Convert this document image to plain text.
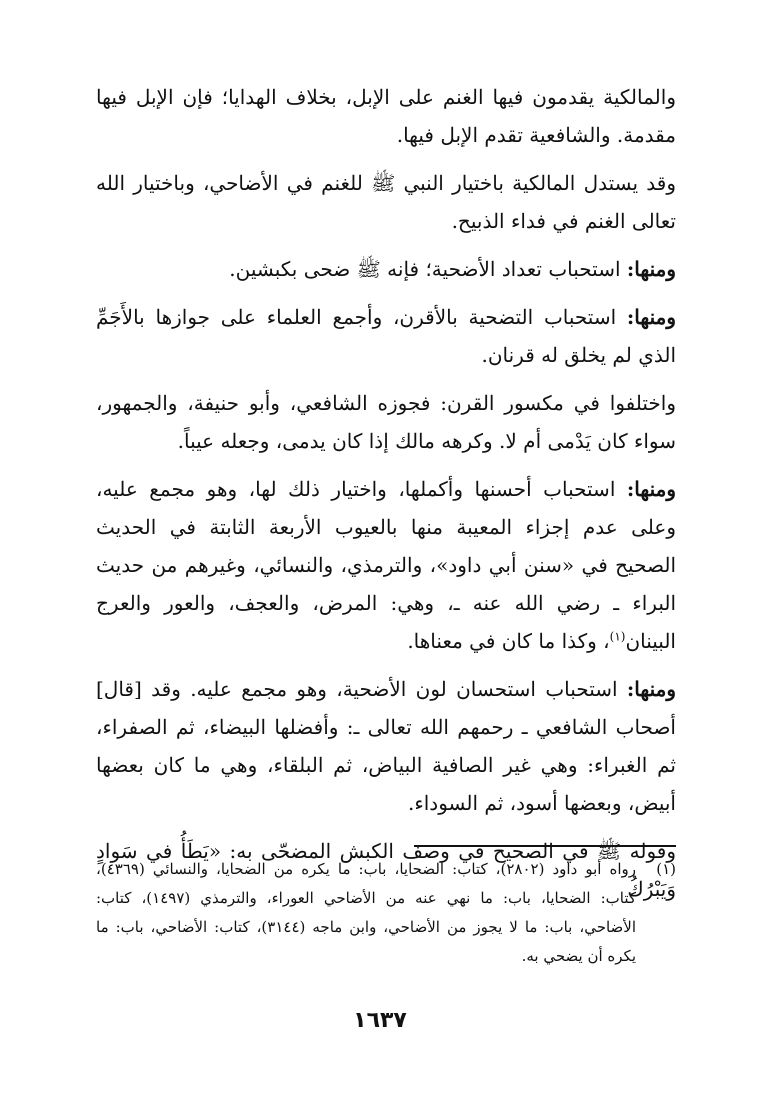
والمالكية يقدمون فيها الغنم على الإبل، بخلاف الهدايا؛ فإن الإبل فيها مقدمة. والشافعية تقدم الإبل فيها.

وقد يستدل المالكية باختيار النبي ﷺ للغنم في الأضاحي، وباختيار الله تعالى الغنم في فداء الذبيح.

ومنها: استحباب تعداد الأضحية؛ فإنه ﷺ ضحى بكبشين.

ومنها: استحباب التضحية بالأقرن، وأجمع العلماء على جوازها بالأَجَمِّ الذي لم يخلق له قرنان.

واختلفوا في مكسور القرن: فجوزه الشافعي، وأبو حنيفة، والجمهور، سواء كان يَدْمى أم لا. وكرهه مالك إذا كان يدمى، وجعله عيباً.

ومنها: استحباب أحسنها وأكملها، واختيار ذلك لها، وهو مجمع عليه، وعلى عدم إجزاء المعيبة منها بالعيوب الأربعة الثابتة في الحديث الصحيح في «سنن أبي داود»، والترمذي، والنسائي، وغيرهم من حديث البراء ـ رضي الله عنه ـ، وهي: المرض، والعجف، والعور والعرج البينان$^{(١)}$، وكذا ما كان في معناها.

ومنها: استحباب استحسان لون الأضحية، وهو مجمع عليه. وقد [قال] أصحاب الشافعي ـ رحمهم الله تعالى ـ: وأفضلها البيضاء، ثم الصفراء، ثم الغبراء: وهي غير الصافية البياض، ثم البلقاء، وهي ما كان بعضها أبيض، وبعضها أسود، ثم السوداء.

وقوله ﷺ في الصحيح في وصف الكبش المضحّى به: «يَطَأُ في سَوادٍ وَيَبْرُكُ

(١)
رواه أبو داود (٢٨٠٢)، كتاب: الضحايا، باب: ما يكره من الضحايا، والنسائي (٤٣٦٩)، كتاب: الضحايا، باب: ما نهي عنه من الأضاحي العوراء، والترمذي (١٤٩٧)، كتاب: الأضاحي، باب: ما لا يجوز من الأضاحي، وابن ماجه (٣١٤٤)، كتاب: الأضاحي، باب: ما يكره أن يضحي به.
١٦٣٧
